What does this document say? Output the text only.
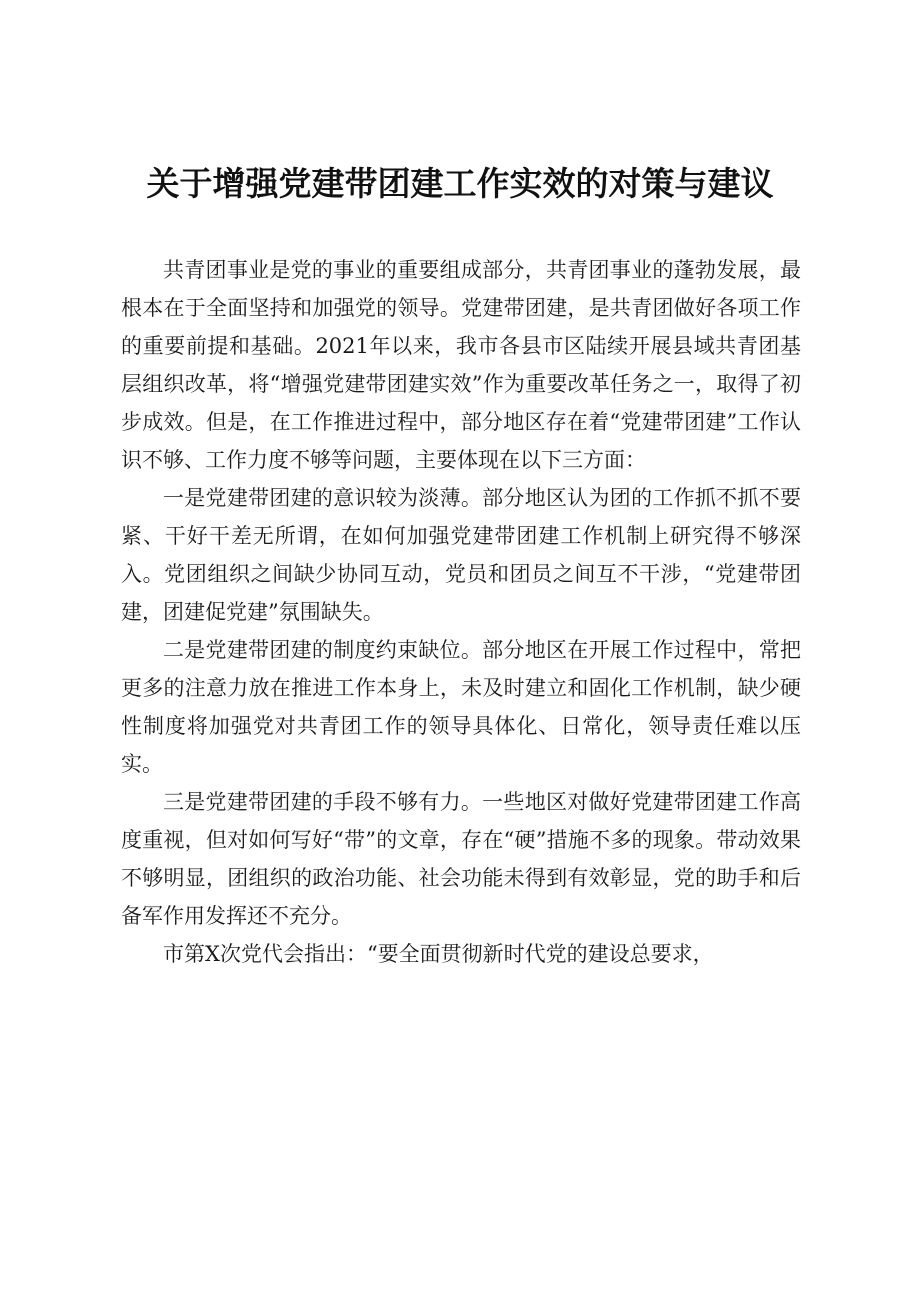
关于增强党建带团建工作实效的对策与建议

共青团事业是党的事业的重要组成部分，共青团事业的蓬勃发展，最根本在于全面坚持和加强党的领导。党建带团建，是共青团做好各项工作的重要前提和基础。2021年以来，我市各县市区陆续开展县域共青团基层组织改革，将“增强党建带团建实效”作为重要改革任务之一，取得了初步成效。但是，在工作推进过程中，部分地区存在着“党建带团建”工作认识不够、工作力度不够等问题，主要体现在以下三方面：

一是党建带团建的意识较为淡薄。部分地区认为团的工作抓不抓不要紧、干好干差无所谓，在如何加强党建带团建工作机制上研究得不够深入。党团组织之间缺少协同互动，党员和团员之间互不干涉，“党建带团建，团建促党建”氛围缺失。

二是党建带团建的制度约束缺位。部分地区在开展工作过程中，常把更多的注意力放在推进工作本身上，未及时建立和固化工作机制，缺少硬性制度将加强党对共青团工作的领导具体化、日常化，领导责任难以压实。

三是党建带团建的手段不够有力。一些地区对做好党建带团建工作高度重视，但对如何写好“带”的文章，存在“硬”措施不多的现象。带动效果不够明显，团组织的政治功能、社会功能未得到有效彰显，党的助手和后备军作用发挥还不充分。

市第X次党代会指出：“要全面贯彻新时代党的建设总要求，
